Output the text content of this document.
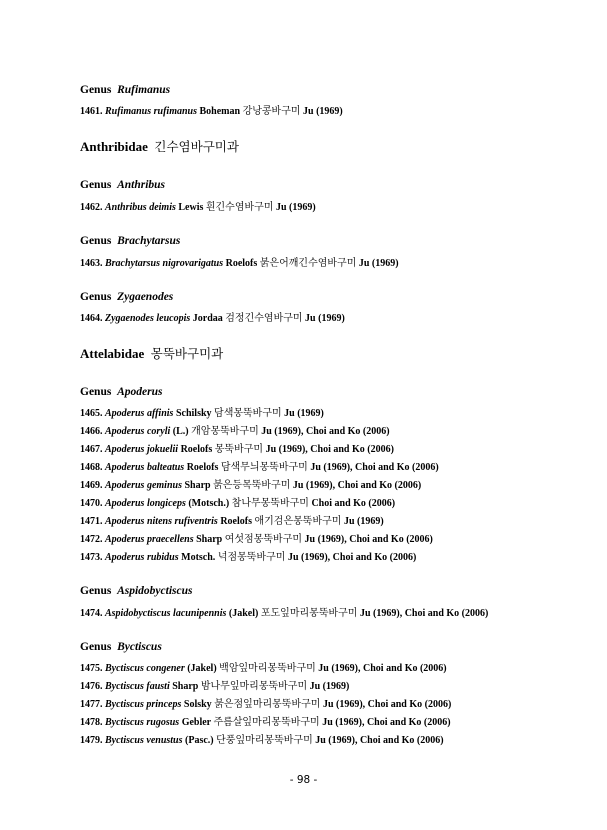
Genus Rufimanus
1461. Rufimanus rufimanus Boheman 강낭콩바구미 Ju (1969)
Anthribidae 긴수염바구미과
Genus Anthribus
1462. Anthribus deimis Lewis 흰긴수염바구미 Ju (1969)
Genus Brachytarsus
1463. Brachytarsus nigrovarigatus Roelofs 붉은어깨긴수염바구미 Ju (1969)
Genus Zygaenodes
1464. Zygaenodes leucopis Jordaa 검정긴수염바구미 Ju (1969)
Attelabidae 몽뚝바구미과
Genus Apoderus
1465. Apoderus affinis Schilsky 담색몽뚝바구미 Ju (1969)
1466. Apoderus coryli (L.) 개암몽뚝바구미 Ju (1969), Choi and Ko (2006)
1467. Apoderus jokuelii Roelofs 몽뚝바구미 Ju (1969), Choi and Ko (2006)
1468. Apoderus balteatus Roelofs 담색무늬몽뚝바구미 Ju (1969), Choi and Ko (2006)
1469. Apoderus geminus Sharp 붉은등목뚝바구미 Ju (1969), Choi and Ko (2006)
1470. Apoderus longiceps (Motsch.) 참나무몽뚝바구미 Choi and Ko (2006)
1471. Apoderus nitens rufiventris Roelofs 애기검은몽뚝바구미 Ju (1969)
1472. Apoderus praecellens Sharp 여섯점몽뚝바구미 Ju (1969), Choi and Ko (2006)
1473. Apoderus rubidus Motsch. 넉점몽뚝바구미 Ju (1969), Choi and Ko (2006)
Genus Aspidobyctiscus
1474. Aspidobyctiscus lacunipennis (Jakel) 포도잎마리몽뚝바구미 Ju (1969), Choi and Ko (2006)
Genus Byctiscus
1475. Byctiscus congener (Jakel) 백암잎마리몽뚝바구미 Ju (1969), Choi and Ko (2006)
1476. Byctiscus fausti Sharp 밤나무잎마리몽뚝바구미 Ju (1969)
1477. Byctiscus princeps Solsky 붉은점잎마리몽뚝바구미 Ju (1969), Choi and Ko (2006)
1478. Byctiscus rugosus Gebler 주름살잎마리몽뚝바구미 Ju (1969), Choi and Ko (2006)
1479. Byctiscus venustus (Pasc.) 단풍잎마리몽뚝바구미 Ju (1969), Choi and Ko (2006)
- 98 -
